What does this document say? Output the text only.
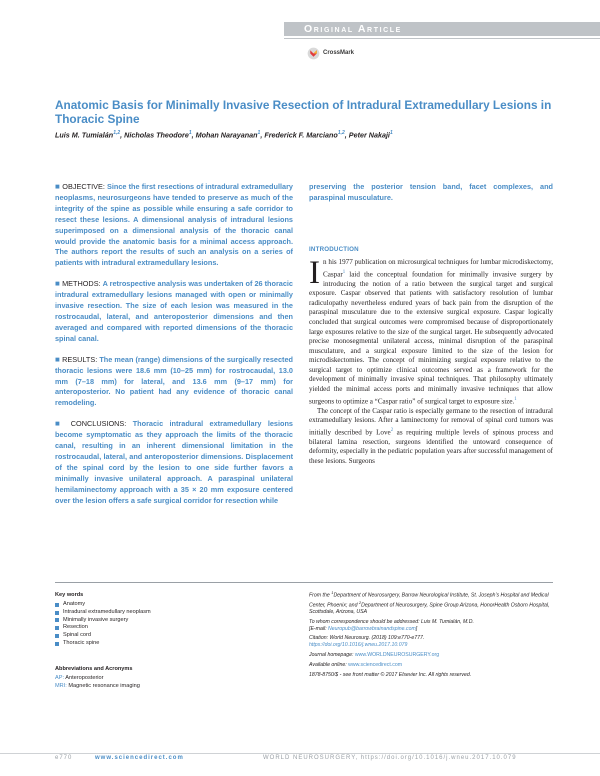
Original Article
CrossMark
Anatomic Basis for Minimally Invasive Resection of Intradural Extramedullary Lesions in Thoracic Spine
Luis M. Tumialán$^{1,2}$, Nicholas Theodore$^1$, Mohan Narayanan$^1$, Frederick F. Marciano$^{1,2}$, Peter Nakaji$^1$

■ OBJECTIVE: Since the first resections of intradural extramedullary neoplasms, neurosurgeons have tended to preserve as much of the integrity of the spine as possible while ensuring a safe corridor to resect these lesions. A dimensional analysis of intradural lesions superimposed on a dimensional analysis of the thoracic canal would provide the anatomic basis for a minimal access approach. The authors report the results of such an analysis on a series of patients with intradural extramedullary lesions.

■ METHODS: A retrospective analysis was undertaken of 26 thoracic intradural extramedullary lesions managed with open or minimally invasive resection. The size of each lesion was measured in the rostrocaudal, lateral, and anteroposterior dimensions and then averaged and compared with reported dimensions of the thoracic spinal canal.

■ RESULTS: The mean (range) dimensions of the surgically resected thoracic lesions were 18.6 mm (10–25 mm) for rostrocaudal, 13.0 mm (7–18 mm) for lateral, and 13.6 mm (9–17 mm) for anteroposterior. No patient had any evidence of thoracic canal remodeling.

■ CONCLUSIONS: Thoracic intradural extramedullary lesions become symptomatic as they approach the limits of the thoracic canal, resulting in an inherent dimensional limitation in the rostrocaudal, lateral, and anteroposterior dimensions. Displacement of the spinal cord by the lesion to one side further favors a minimally invasive unilateral approach. A paraspinal unilateral hemilaminectomy approach with a 35 × 20 mm exposure centered over the lesion offers a safe surgical corridor for resection while

preserving the posterior tension band, facet complexes, and paraspinal musculature.
INTRODUCTION

In his 1977 publication on microsurgical techniques for lumbar microdiskectomy, Caspar$^1$ laid the conceptual foundation for minimally invasive surgery by introducing the notion of a ratio between the surgical target and surgical exposure. Caspar observed that patients with satisfactory resolution of lumbar radiculopathy nevertheless endured years of back pain from the disruption of the paraspinal musculature due to the extensive surgical exposure. Caspar logically concluded that surgical outcomes were compromised because of disproportionately large exposures relative to the size of the surgical target. He subsequently advocated precise monosegmental unilateral access, minimal disruption of the paraspinal musculature, and a surgical exposure limited to the size of the lesion for microdiskectomies. The concept of minimizing surgical exposure relative to the surgical target to optimize clinical outcomes served as a framework for the development of minimally invasive spinal techniques. That philosophy ultimately yielded the minimal access ports and minimally invasive techniques that allow surgeons to optimize a “Caspar ratio” of surgical target to exposure size.$^1$

The concept of the Caspar ratio is especially germane to the resection of intradural extramedullary lesions. After a laminectomy for removal of spinal cord tumors was initially described by Love$^2$ as requiring multiple levels of spinous process and bilateral lamina resection, surgeons identified the untoward consequence of deformity, especially in the pediatric population years after successful management of these lesions. Surgeons

Key words
Anatomy
Intradural extramedullary neoplasm
Minimally invasive surgery
Resection
Spinal cord
Thoracic spine
Abbreviations and Acronyms
AP: Anteroposterior
MRI: Magnetic resonance imaging

From the $^1$Department of Neurosurgery, Barrow Neurological Institute, St. Joseph’s Hospital and Medical Center, Phoenix; and $^2$Department of Neurosurgery, Spine Group Arizona, HonorHealth Osborn Hospital, Scottsdale, Arizona, USA

To whom correspondence should be addressed: Luis M. Tumialán, M.D.
[E-mail: Neuropub@barrowbrainandspine.com]

Citation: World Neurosurg. (2018) 109:e770-e777.
https://doi.org/10.1016/j.wneu.2017.10.079

Journal homepage: www.WORLDNEUROSURGERY.org

Available online: www.sciencedirect.com

1878-8750/$ - see front matter © 2017 Elsevier Inc. All rights reserved.

e770	www.sciencedirect.com	WORLD NEUROSURGERY, https://doi.org/10.1016/j.wneu.2017.10.079
